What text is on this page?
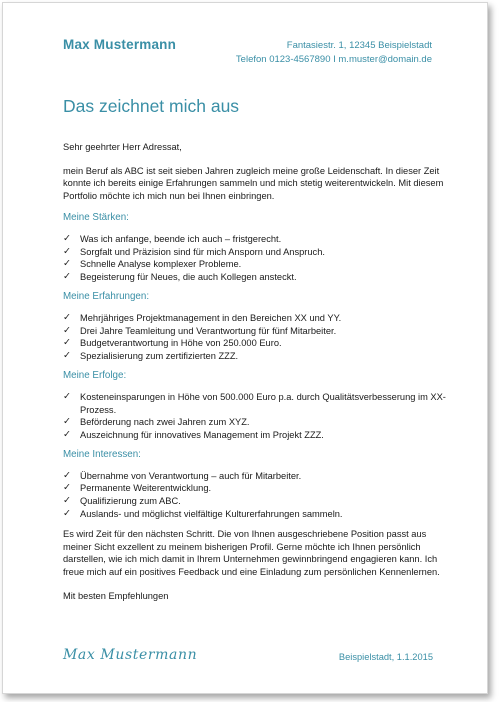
Max Mustermann	Fantasiestr. 1, 12345 Beispielstadt
Telefon 0123-4567890 I m.muster@domain.de
Das zeichnet mich aus

Sehr geehrter Herr Adressat,

mein Beruf als ABC ist seit sieben Jahren zugleich meine große Leidenschaft. In dieser Zeit konnte ich bereits einige Erfahrungen sammeln und mich stetig weiterentwickeln. Mit diesem Portfolio möchte ich mich nun bei Ihnen einbringen.

Meine Stärken:
✓ Was ich anfange, beende ich auch – fristgerecht.
✓ Sorgfalt und Präzision sind für mich Ansporn und Anspruch.
✓ Schnelle Analyse komplexer Probleme.
✓ Begeisterung für Neues, die auch Kollegen ansteckt.
Meine Erfahrungen:
✓ Mehrjähriges Projektmanagement in den Bereichen XX und YY.
✓ Drei Jahre Teamleitung und Verantwortung für fünf Mitarbeiter.
✓ Budgetverantwortung in Höhe von 250.000 Euro.
✓ Spezialisierung zum zertifizierten ZZZ.
Meine Erfolge:
✓ Kosteneinsparungen in Höhe von 500.000 Euro p.a. durch Qualitätsverbesserung im XX-Prozess.
✓ Beförderung nach zwei Jahren zum XYZ.
✓ Auszeichnung für innovatives Management im Projekt ZZZ.
Meine Interessen:
✓ Übernahme von Verantwortung – auch für Mitarbeiter.
✓ Permanente Weiterentwicklung.
✓ Qualifizierung zum ABC.
✓ Auslands- und möglichst vielfältige Kulturerfahrungen sammeln.

Es wird Zeit für den nächsten Schritt. Die von Ihnen ausgeschriebene Position passt aus meiner Sicht exzellent zu meinem bisherigen Profil. Gerne möchte ich Ihnen persönlich darstellen, wie ich mich damit in Ihrem Unternehmen gewinnbringend engagieren kann. Ich freue mich auf ein positives Feedback und eine Einladung zum persönlichen Kennenlernen.

Mit besten Empfehlungen

Max Mustermann	Beispielstadt, 1.1.2015
